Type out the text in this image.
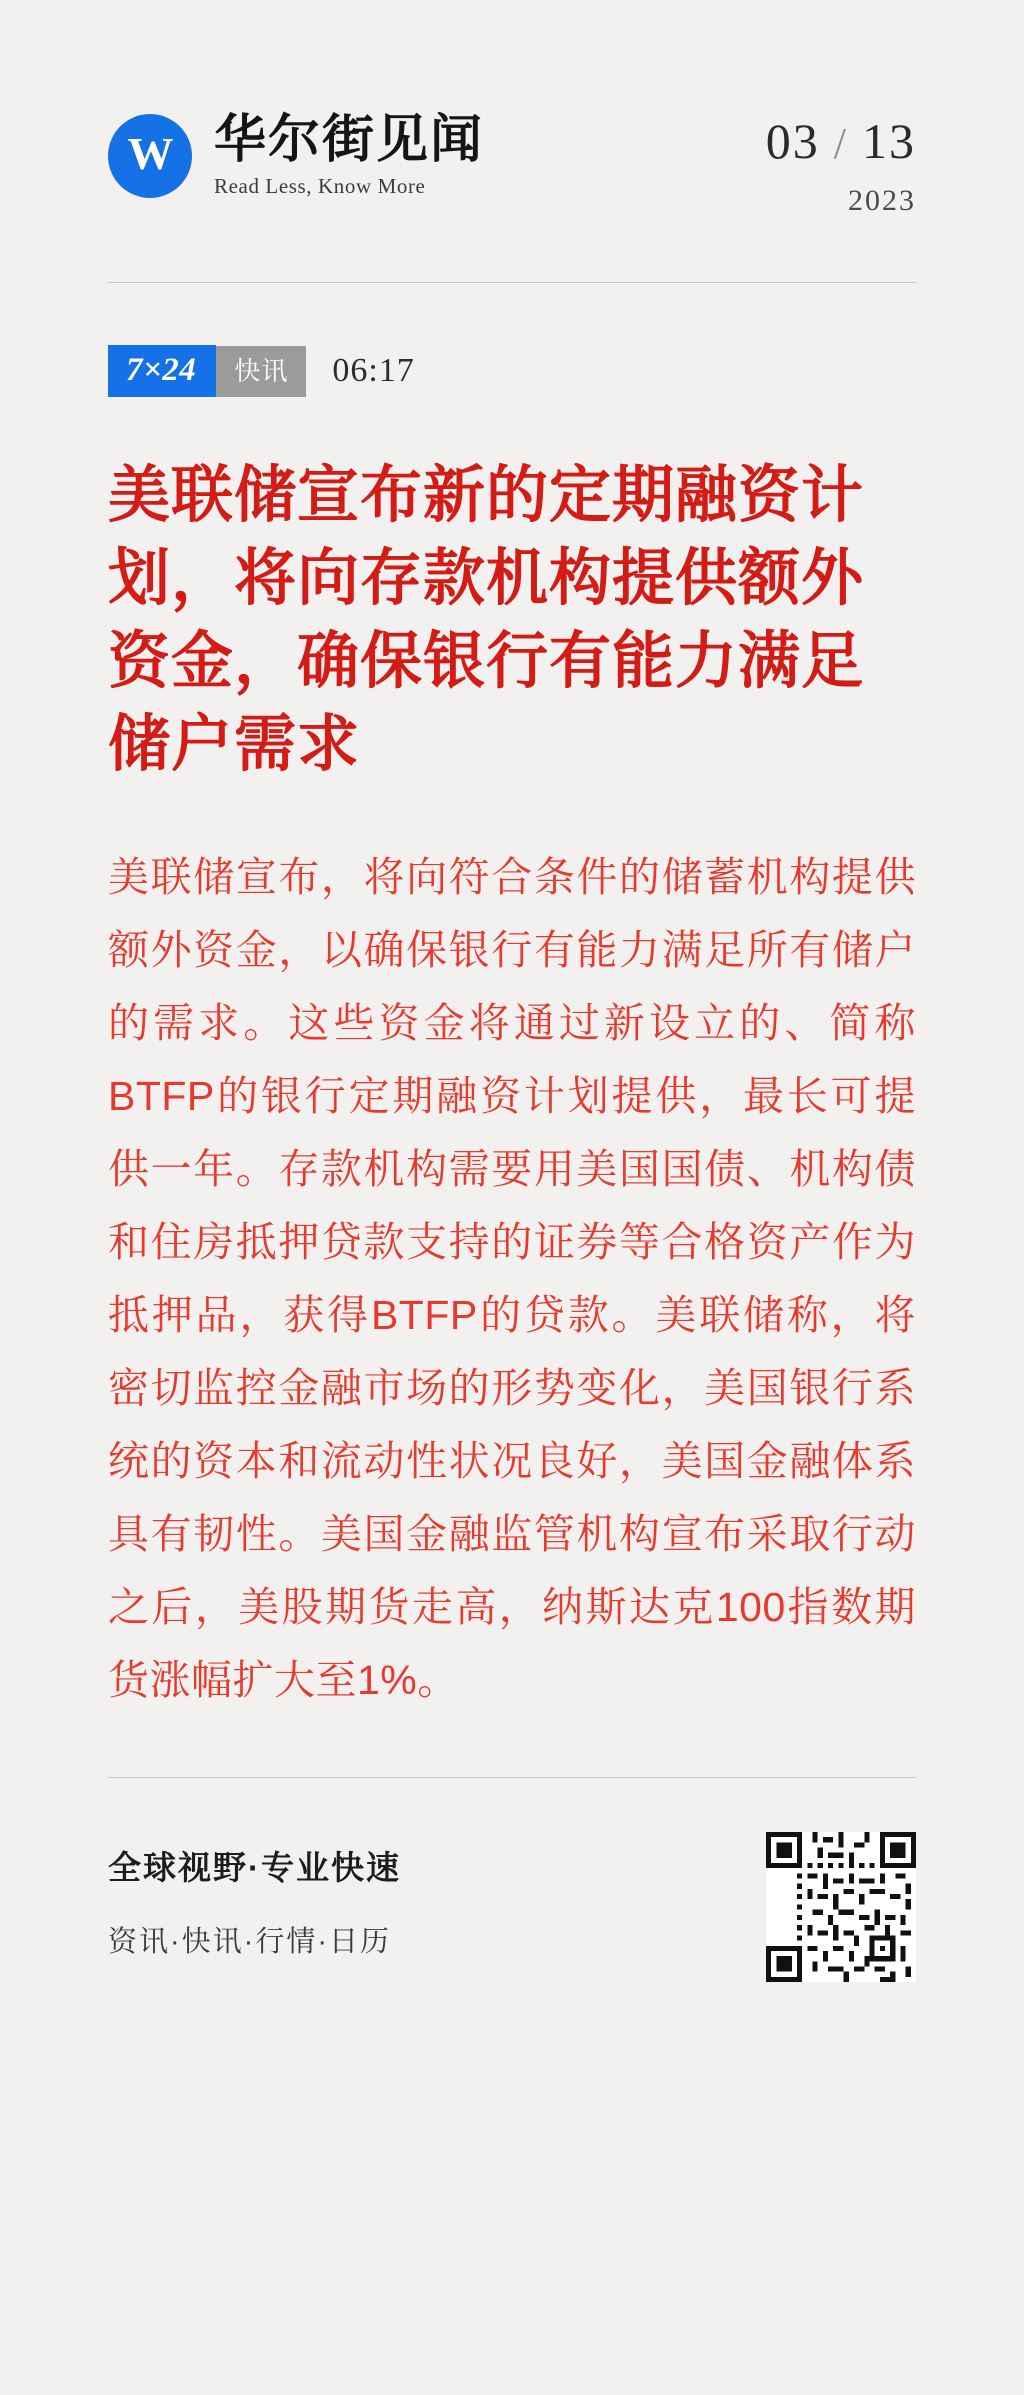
W 华尔街见闻
Read Less, Know More
03 / 13
2023
7×24	快讯	06:17
美联储宣布新的定期融资计划，将向存款机构提供额外资金，确保银行有能力满足储户需求

美联储宣布，将向符合条件的储蓄机构提供额外资金，以确保银行有能力满足所有储户的需求。这些资金将通过新设立的、简称BTFP的银行定期融资计划提供，最长可提供一年。存款机构需要用美国国债、机构债和住房抵押贷款支持的证券等合格资产作为抵押品，获得BTFP的贷款。美联储称，将密切监控金融市场的形势变化，美国银行系统的资本和流动性状况良好，美国金融体系具有韧性。美国金融监管机构宣布采取行动之后，美股期货走高，纳斯达克100指数期货涨幅扩大至1%。

全球视野·专业快速
资讯·快讯·行情·日历
